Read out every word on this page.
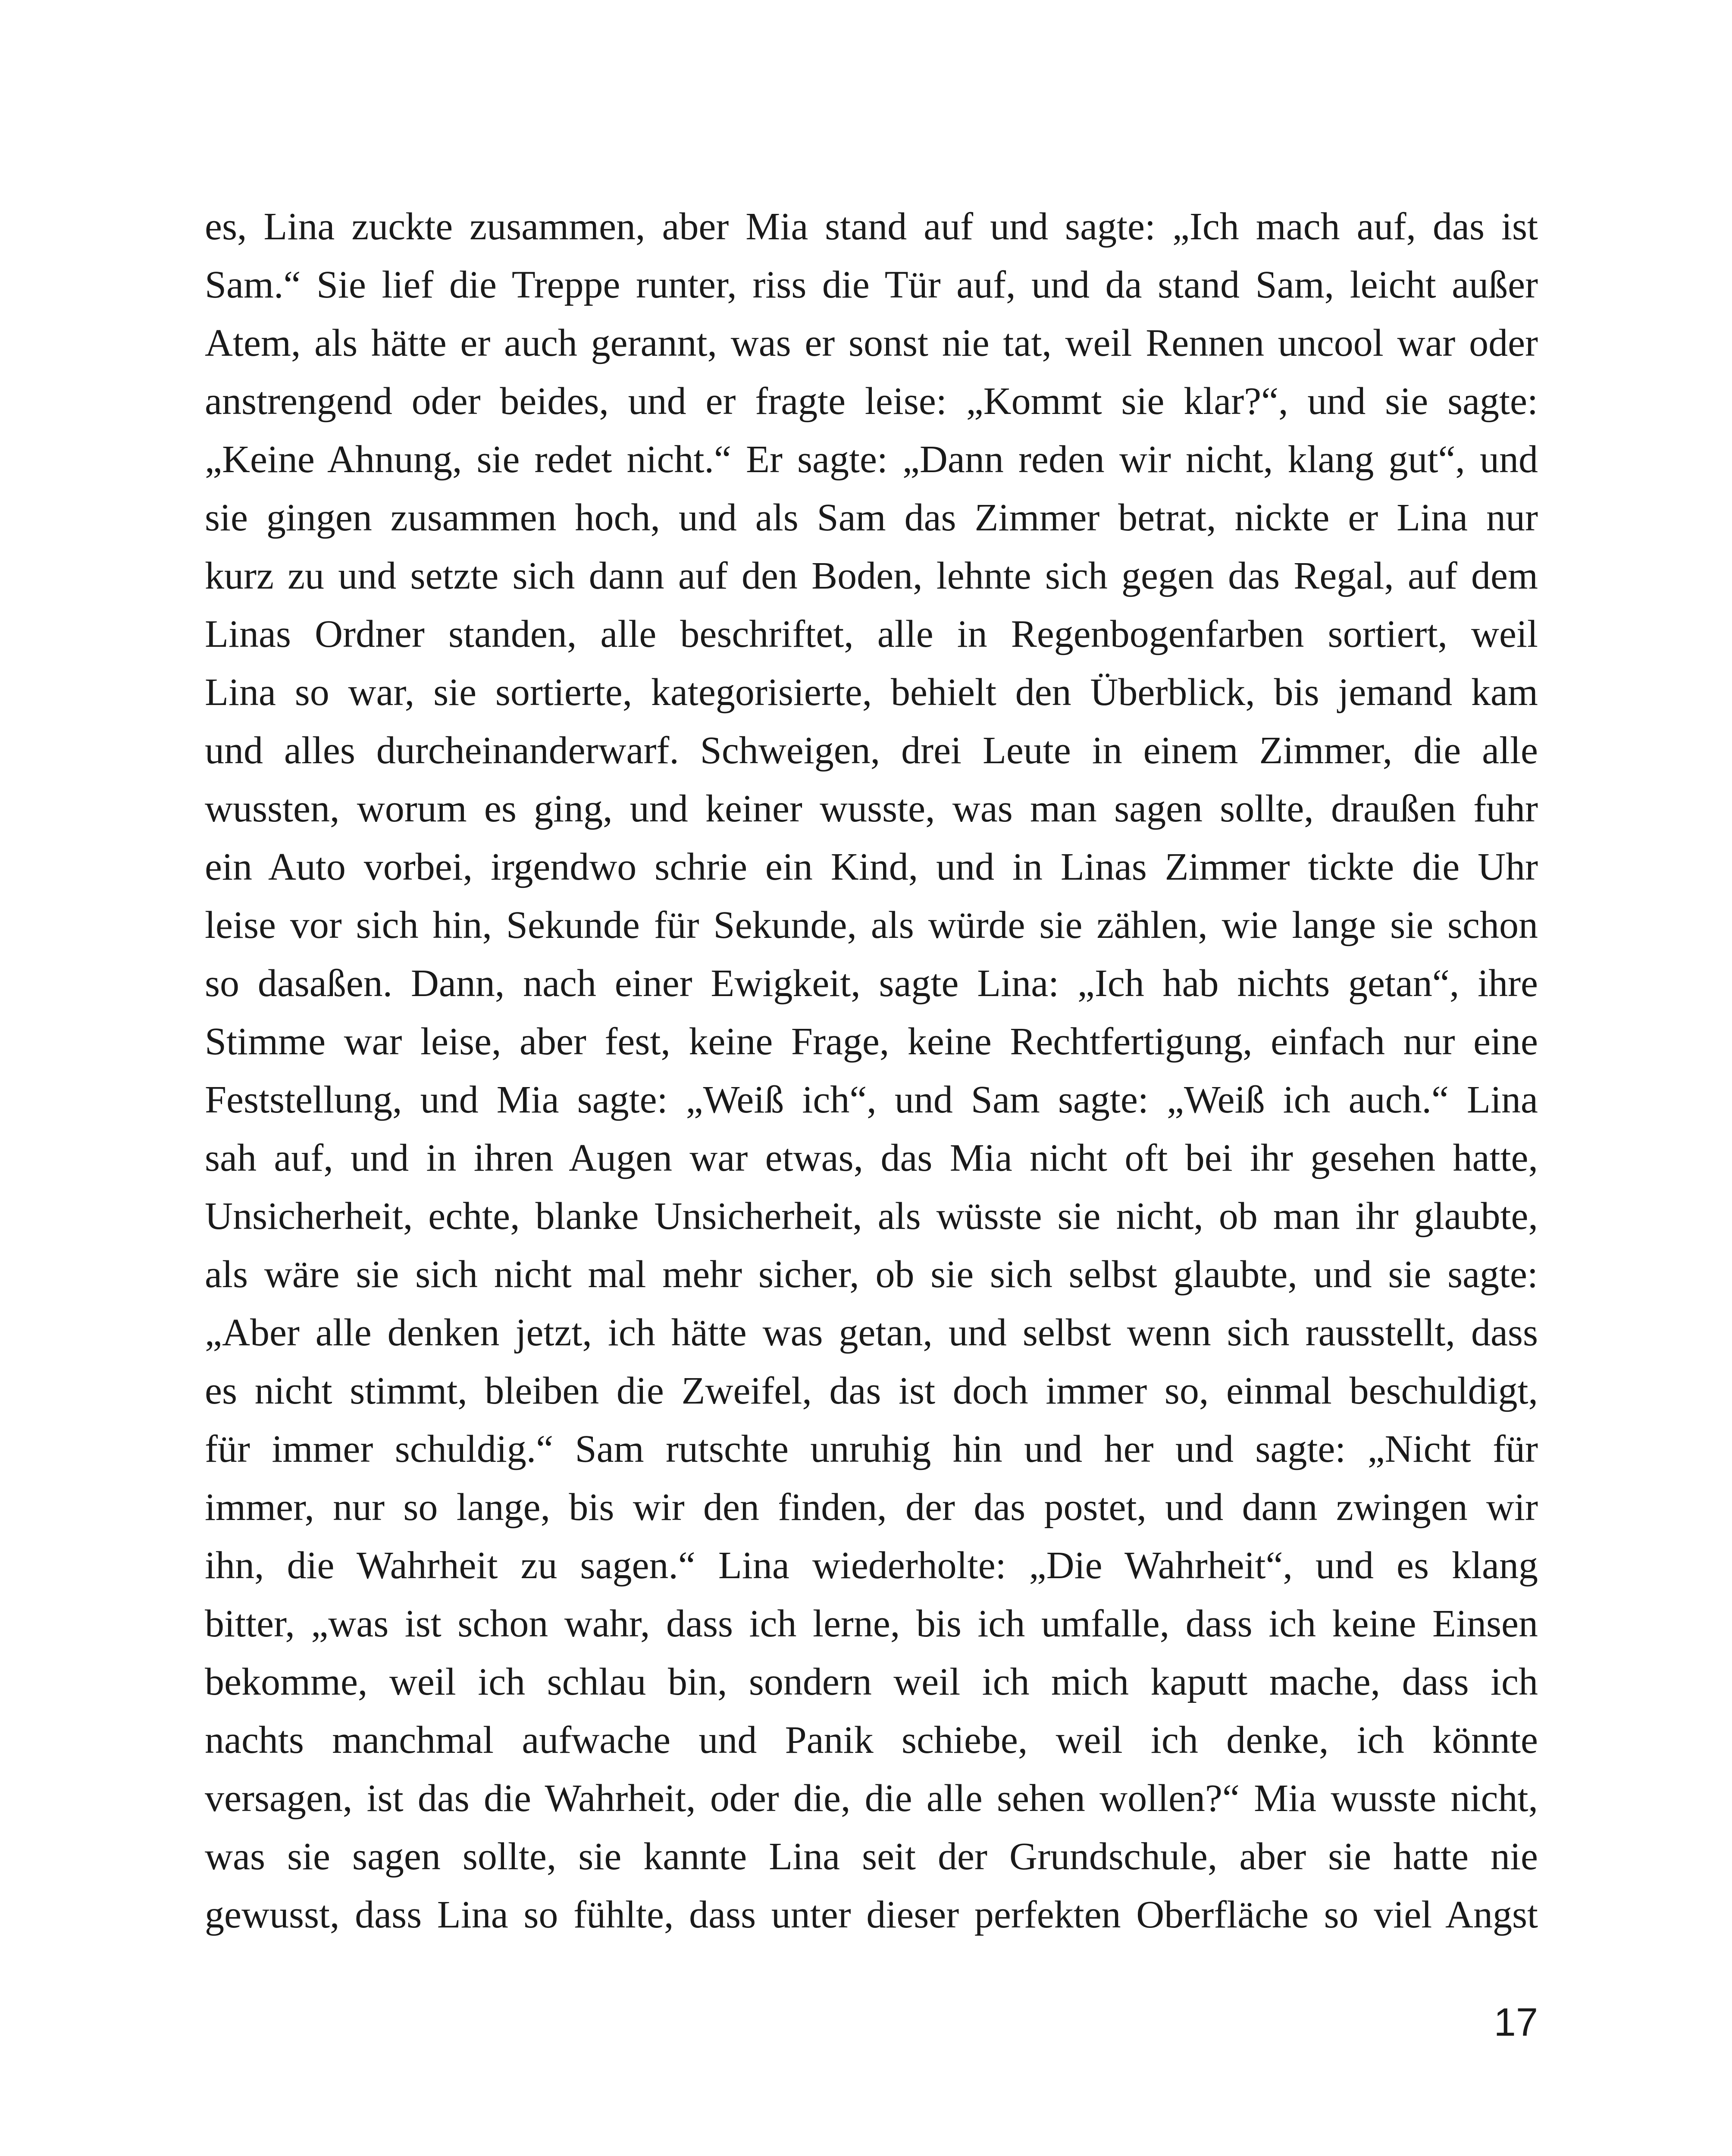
es, Lina zuckte zusammen, aber Mia stand auf und sagte: „Ich mach auf, das ist
Sam.“ Sie lief die Treppe runter, riss die Tür auf, und da stand Sam, leicht außer
Atem, als hätte er auch gerannt, was er sonst nie tat, weil Rennen uncool war oder
anstrengend oder beides, und er fragte leise: „Kommt sie klar?“, und sie sagte:
„Keine Ahnung, sie redet nicht.“ Er sagte: „Dann reden wir nicht, klang gut“, und
sie gingen zusammen hoch, und als Sam das Zimmer betrat, nickte er Lina nur
kurz zu und setzte sich dann auf den Boden, lehnte sich gegen das Regal, auf dem
Linas Ordner standen, alle beschriftet, alle in Regenbogenfarben sortiert, weil
Lina so war, sie sortierte, kategorisierte, behielt den Überblick, bis jemand kam
und alles durcheinanderwarf. Schweigen, drei Leute in einem Zimmer, die alle
wussten, worum es ging, und keiner wusste, was man sagen sollte, draußen fuhr
ein Auto vorbei, irgendwo schrie ein Kind, und in Linas Zimmer tickte die Uhr
leise vor sich hin, Sekunde für Sekunde, als würde sie zählen, wie lange sie schon
so dasaßen. Dann, nach einer Ewigkeit, sagte Lina: „Ich hab nichts getan“, ihre
Stimme war leise, aber fest, keine Frage, keine Rechtfertigung, einfach nur eine
Feststellung, und Mia sagte: „Weiß ich“, und Sam sagte: „Weiß ich auch.“ Lina
sah auf, und in ihren Augen war etwas, das Mia nicht oft bei ihr gesehen hatte,
Unsicherheit, echte, blanke Unsicherheit, als wüsste sie nicht, ob man ihr glaubte,
als wäre sie sich nicht mal mehr sicher, ob sie sich selbst glaubte, und sie sagte:
„Aber alle denken jetzt, ich hätte was getan, und selbst wenn sich rausstellt, dass
es nicht stimmt, bleiben die Zweifel, das ist doch immer so, einmal beschuldigt,
für immer schuldig.“ Sam rutschte unruhig hin und her und sagte: „Nicht für
immer, nur so lange, bis wir den finden, der das postet, und dann zwingen wir
ihn, die Wahrheit zu sagen.“ Lina wiederholte: „Die Wahrheit“, und es klang
bitter, „was ist schon wahr, dass ich lerne, bis ich umfalle, dass ich keine Einsen
bekomme, weil ich schlau bin, sondern weil ich mich kaputt mache, dass ich
nachts manchmal aufwache und Panik schiebe, weil ich denke, ich könnte
versagen, ist das die Wahrheit, oder die, die alle sehen wollen?“ Mia wusste nicht,
was sie sagen sollte, sie kannte Lina seit der Grundschule, aber sie hatte nie
gewusst, dass Lina so fühlte, dass unter dieser perfekten Oberfläche so viel Angst
17
